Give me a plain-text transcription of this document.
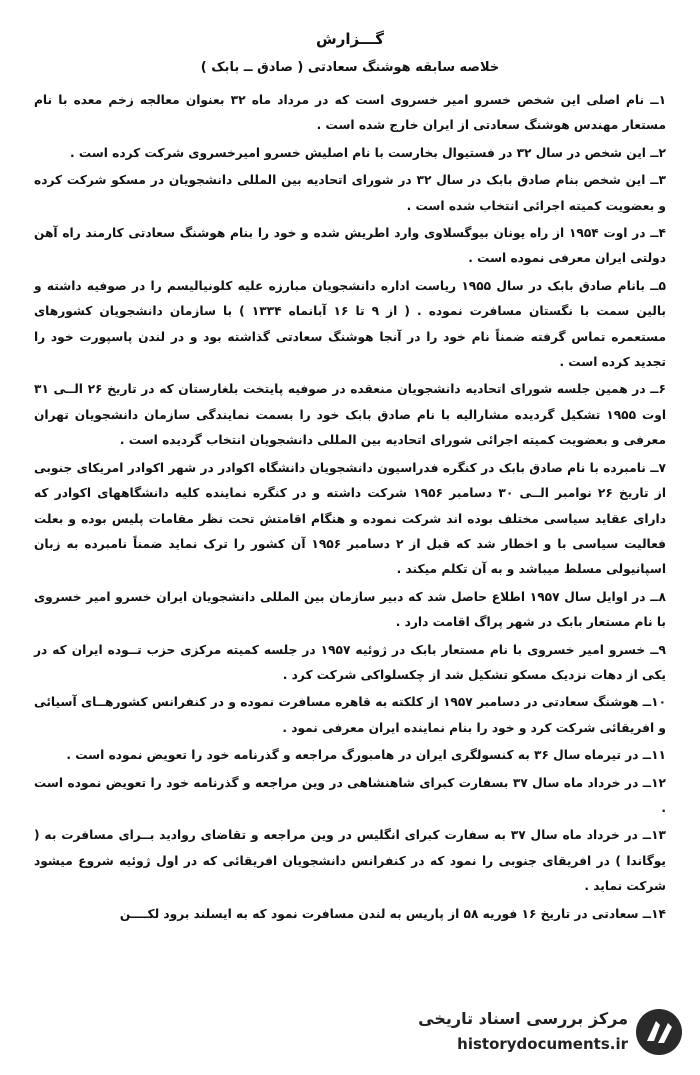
گـــزارش
خلاصه سابقه هوشنگ سعادتی ( صادق ــ بابک )

۱ــ نام اصلی این شخص خسرو امیر خسروی است که در مرداد ماه ۳۲ بعنوان معالجه زخم معده با نام مستعار مهندس هوشنگ سعادتی از ایران خارج شده است .

۲ــ این شخص در سال ۳۲ در فستیوال بخارست با نام اصلیش خسرو امیرخسروی شرکت کرده است .

۳ــ این شخص بنام صادق بابک در سال ۳۲ در شورای اتحادیه بین المللی دانشجویان در مسکو شرکت کرده و بعضویت کمیته اجرائی انتخاب شده است .

۴ــ در اوت ۱۹۵۴ از راه یونان بیوگسلاوی وارد اطریش شده و خود را بنام هوشنگ سعادتی کارمند راه آهن دولتی ایران معرفی نموده است .

۵ــ بانام صادق بابک در سال ۱۹۵۵ ریاست اداره دانشجویان مبارزه علیه کلونیالیسم را در صوفیه داشته و بالین سمت با نگستان مسافرت نموده . ( از ۹ تا ۱۶ آبانماه ۱۳۳۴ ) با سازمان دانشجویان کشورهای مستعمره تماس گرفته ضمناً نام خود را در آنجا هوشنگ سعادتی گذاشته بود و در لندن پاسپورت خود را تجدید کرده است .

۶ــ در همین جلسه شورای اتحادیه دانشجویان منعقده در صوفیه پایتخت بلغارستان که در تاریخ ۲۶ الــی ۳۱ اوت ۱۹۵۵ تشکیل گردیده مشارالیه با نام صادق بابک خود را بسمت نمایندگی سازمان دانشجویان تهران معرفی و بعضویت کمیته اجرائی شورای اتحادیه بین المللی دانشجویان انتخاب گردیده است .

۷ــ نامبرده با نام صادق بابک در کنگره فدراسیون دانشجویان دانشگاه اکوادر در شهر اکوادر امریکای جنوبی از تاریخ ۲۶ نوامبر الــی ۳۰ دسامبر ۱۹۵۶ شرکت داشته و در کنگره نماینده کلیه دانشگاههای اکوادر که دارای عقاید سیاسی مختلف بوده اند شرکت نموده و هنگام اقامتش تحت نظر مقامات پلیس بوده و بعلت فعالیت سیاسی با و اخطار شد که قبل از ۲ دسامبر ۱۹۵۶ آن کشور را ترک نماید ضمناً نامبرده به زبان اسپانیولی مسلط میباشد و به آن تکلم میکند .

۸ــ در اوایل سال ۱۹۵۷ اطلاع حاصل شد که دبیر سازمان بین المللی دانشجویان ایران خسرو امیر خسروی با نام مستعار بابک در شهر پراگ اقامت دارد .

۹ــ خسرو امیر خسروی با نام مستعار بابک در ژوئیه ۱۹۵۷ در جلسه کمیته مرکزی حزب تــوده ایران که در یکی از دهات نزدیک مسکو تشکیل شد از چکسلواکی شرکت کرد .

۱۰ــ هوشنگ سعادتی در دسامبر ۱۹۵۷ از کلکته به قاهره مسافرت نموده و در کنفرانس کشورهــای آسیائی و افریقائی شرکت کرد و خود را بنام نماینده ایران معرفی نمود .

۱۱ــ در تیرماه سال ۳۶ به کنسولگری ایران در هامبورگ مراجعه و گذرنامه خود را تعویض نموده است .

۱۲ــ در خرداد ماه سال ۳۷ بسفارت کبرای شاهنشاهی در وین مراجعه و گذرنامه خود را تعویض نموده است .

۱۳ــ در خرداد ماه سال ۳۷ به سفارت کبرای انگلیس در وین مراجعه و تقاضای روادید بــرای مسافرت به ( یوگاندا ) در افریقای جنوبی را نمود که در کنفرانس دانشجویان افریقائی که در اول ژوئیه شروع میشود شرکت نماید .

۱۴ــ سعادتی در تاریخ ۱۶ فوریه ۵۸ از پاریس به لندن مسافرت نمود که به ایسلند برود لکــــن

مرکز بررسی اسناد تاریخی
historydocuments.ir
